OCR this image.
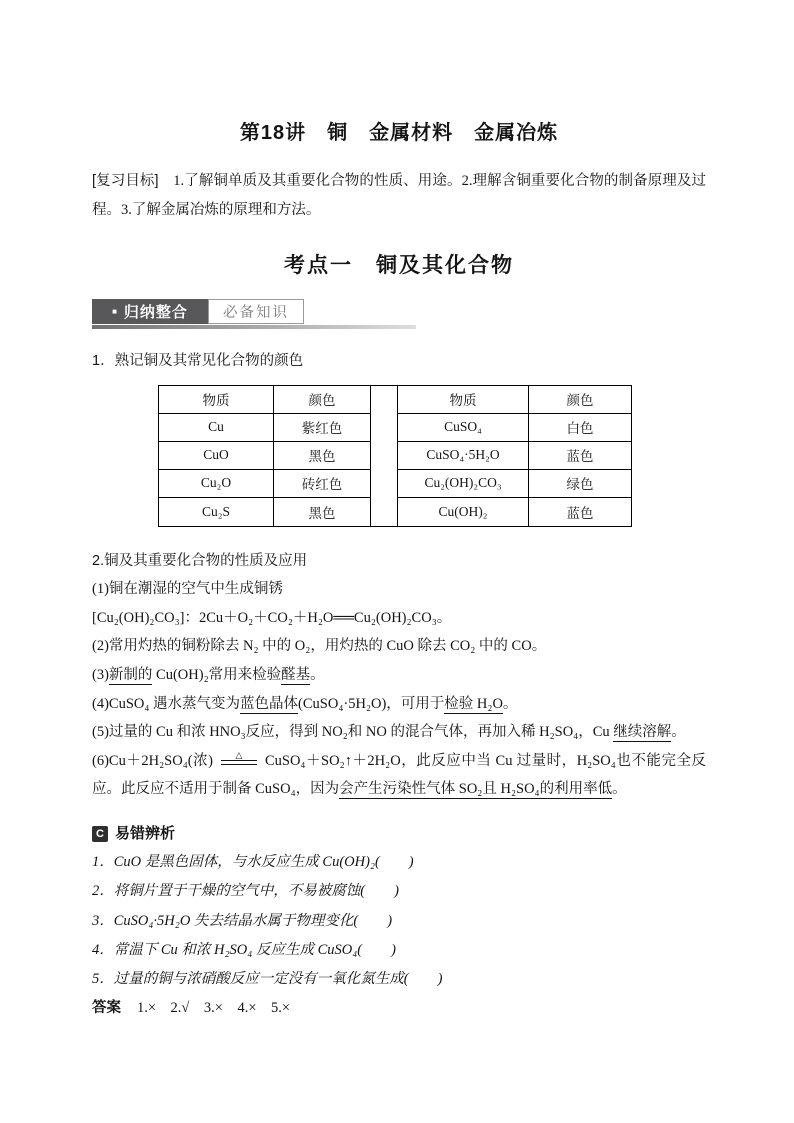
第18讲　铜　金属材料　金属冶炼

[复习目标]　1.了解铜单质及其重要化合物的性质、用途。2.理解含铜重要化合物的制备原理及过程。3.了解金属冶炼的原理和方法。

考点一　铜及其化合物
■ 归纳整合 必备知识

1．熟记铜及其常见化合物的颜色

物质	颜色	物质	颜色
Cu	紫红色	CuSO₄	白色
CuO	黑色	CuSO₄·5H₂O	蓝色
Cu₂O	砖红色	Cu₂(OH)₂CO₃	绿色
Cu₂S	黑色	Cu(OH)₂	蓝色

2.铜及其重要化合物的性质及应用

(1)铜在潮湿的空气中生成铜锈

[Cu₂(OH)₂CO₃]：2Cu＋O₂＋CO₂＋H₂O══Cu₂(OH)₂CO₃。

(2)常用灼热的铜粉除去 N₂ 中的 O₂，用灼热的 CuO 除去 CO₂ 中的 CO。

(3)新制的 Cu(OH)₂常用来检验醛基。

(4)CuSO₄ 遇水蒸气变为蓝色晶体(CuSO₄·5H₂O)，可用于检验 H₂O。

(5)过量的 Cu 和浓 HNO₃反应，得到 NO₂和 NO 的混合气体，再加入稀 H₂SO₄，Cu 继续溶解。

(6)Cu＋2H₂SO₄(浓)	△ CuSO₄＋SO₂↑＋2H₂O，此反应中当 Cu 过量时，H₂SO₄也不能完全反应。此反应不适用于制备 CuSO₄，因为会产生污染性气体 SO₂且 H₂SO₄的利用率低。

C 易错辨析

1．CuO 是黑色固体，与水反应生成 Cu(OH)₂(　　)

2．将铜片置于干燥的空气中，不易被腐蚀(　　)

3．CuSO₄·5H₂O 失去结晶水属于物理变化(　　)

4．常温下 Cu 和浓 H₂SO₄ 反应生成 CuSO₄(　　)

5．过量的铜与浓硝酸反应一定没有一氧化氮生成(　　)

答案 1.×　2.√　3.×　4.×　5.×
